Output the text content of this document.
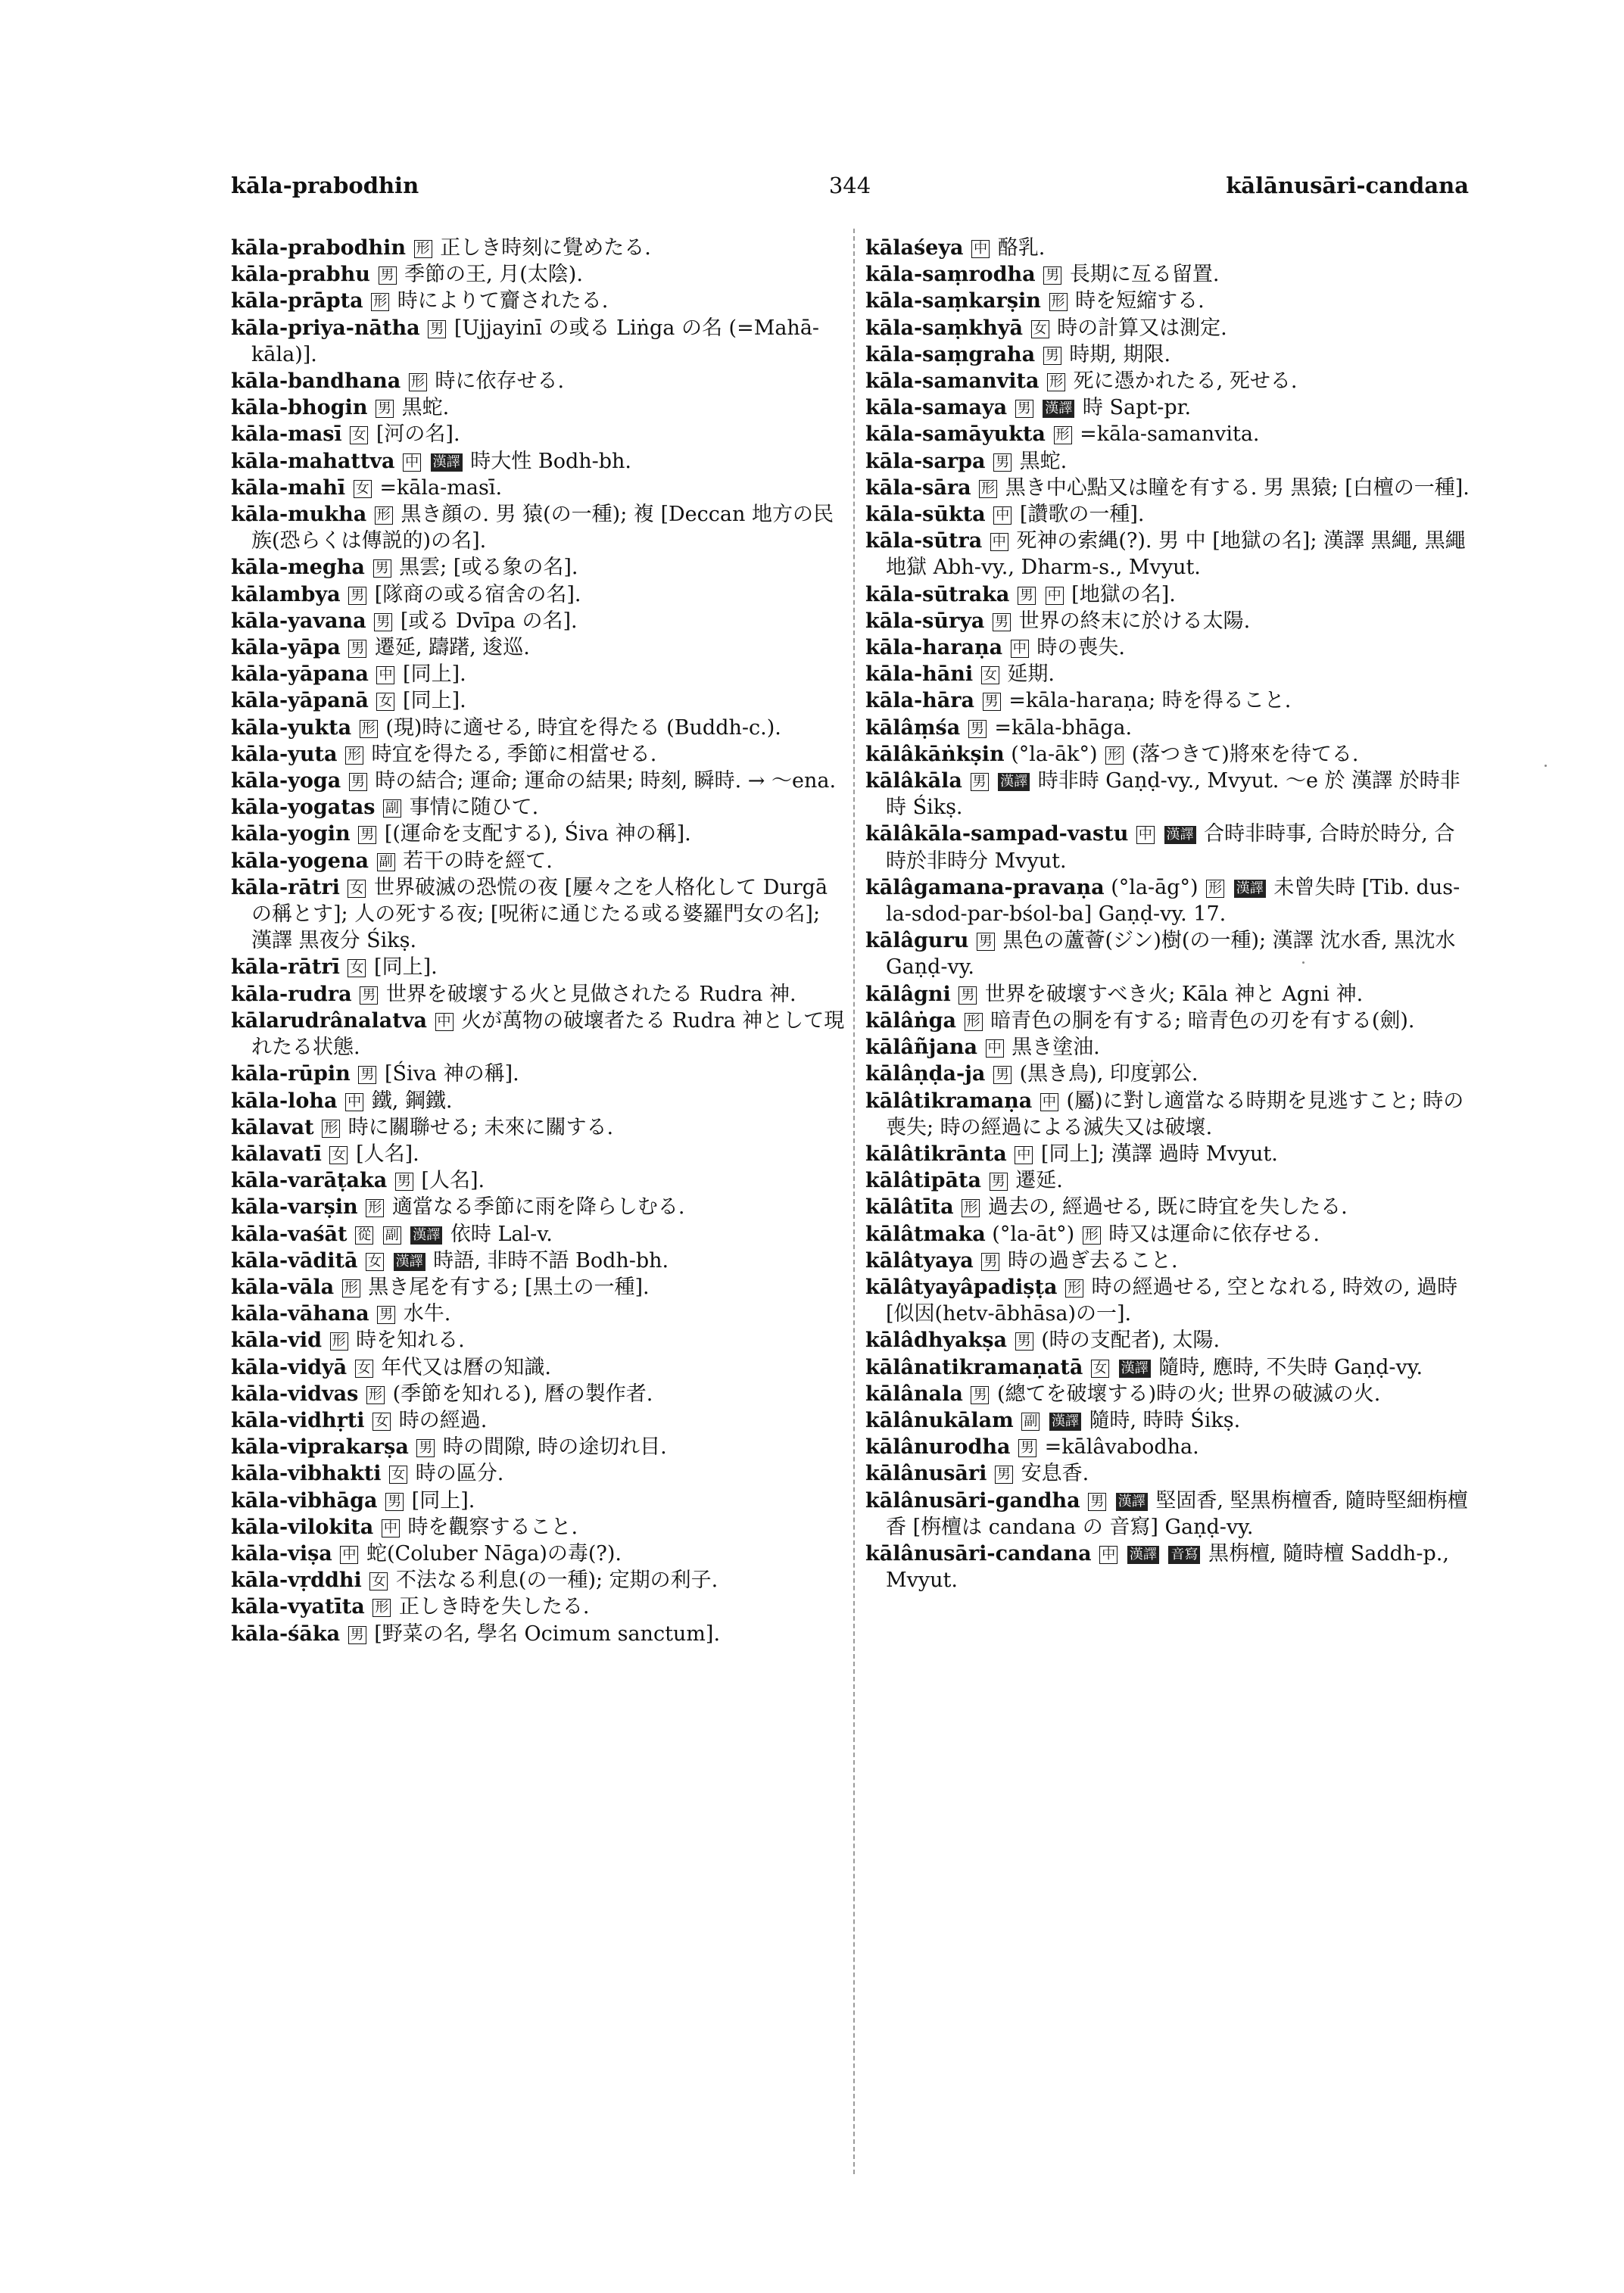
kāla-prabodhin	344	kālānusāri-candana

kāla-prabodhin 形 正しき時刻に覺めたる.

kāla-prabhu 男 季節の王, 月(太陰).

kāla-prāpta 形 時によりて齎されたる.

kāla-priya-nātha 男 [Ujjayinī の或る Liṅga の名 (=Mahā-kāla)].

kāla-bandhana 形 時に依存せる.

kāla-bhogin 男 黒蛇.

kāla-masī 女 [河の名].

kāla-mahattva 中 漢譯 時大性 Bodh-bh.

kāla-mahī 女 =kāla-masī.

kāla-mukha 形 黒き顔の. 男 猿(の一種); 複 [Deccan 地方の民族(恐らくは傳説的)の名].

kāla-megha 男 黒雲; [或る象の名].

kālambya 男 [隊商の或る宿舍の名].

kāla-yavana 男 [或る Dvīpa の名].

kāla-yāpa 男 遷延, 躊躇, 逡巡.

kāla-yāpana 中 [同上].

kāla-yāpanā 女 [同上].

kāla-yukta 形 (現)時に適せる, 時宜を得たる (Buddh-c.).

kāla-yuta 形 時宜を得たる, 季節に相當せる.

kāla-yoga 男 時の結合; 運命; 運命の結果; 時刻, 瞬時. → ～ena.

kāla-yogatas 副 事情に随ひて.

kāla-yogin 男 [(運命を支配する), Śiva 神の稱].

kāla-yogena 副 若干の時を經て.

kāla-rātri 女 世界破滅の恐慌の夜 [屢々之を人格化して Durgā の稱とす]; 人の死する夜; [呪術に通じたる或る婆羅門女の名]; 漢譯 黒夜分 Śikṣ.

kāla-rātrī 女 [同上].

kāla-rudra 男 世界を破壞する火と見做されたる Rudra 神.

kālarudrânalatva 中 火が萬物の破壞者たる Rudra 神として現れたる状態.

kāla-rūpin 男 [Śiva 神の稱].

kāla-loha 中 鐵, 鋼鐵.

kālavat 形 時に關聯せる; 未來に關する.

kālavatī 女 [人名].

kāla-varāṭaka 男 [人名].

kāla-varṣin 形 適當なる季節に雨を降らしむる.

kāla-vaśāt 從 副 漢譯 依時 Lal-v.

kāla-vāditā 女 漢譯 時語, 非時不語 Bodh-bh.

kāla-vāla 形 黒き尾を有する; [黒土の一種].

kāla-vāhana 男 水牛.

kāla-vid 形 時を知れる.

kāla-vidyā 女 年代又は曆の知識.

kāla-vidvas 形 (季節を知れる), 曆の製作者.

kāla-vidhṛti 女 時の經過.

kāla-viprakarṣa 男 時の間隙, 時の途切れ目.

kāla-vibhakti 女 時の區分.

kāla-vibhāga 男 [同上].

kāla-vilokita 中 時を觀察すること.

kāla-viṣa 中 蛇(Coluber Nāga)の毒(?).

kāla-vṛddhi 女 不法なる利息(の一種); 定期の利子.

kāla-vyatīta 形 正しき時を失したる.

kāla-śāka 男 [野菜の名, 學名 Ocimum sanctum].

kālaśeya 中 酪乳.

kāla-saṃrodha 男 長期に亙る留置.

kāla-saṃkarṣin 形 時を短縮する.

kāla-saṃkhyā 女 時の計算又は測定.

kāla-saṃgraha 男 時期, 期限.

kāla-samanvita 形 死に憑かれたる, 死せる.

kāla-samaya 男 漢譯 時 Sapt-pr.

kāla-samāyukta 形 =kāla-samanvita.

kāla-sarpa 男 黒蛇.

kāla-sāra 形 黒き中心點又は瞳を有する. 男 黒猿; [白檀の一種].

kāla-sūkta 中 [讚歌の一種].

kāla-sūtra 中 死神の索縄(?). 男 中 [地獄の名]; 漢譯 黒繩, 黒繩地獄 Abh-vy., Dharm-s., Mvyut.

kāla-sūtraka 男 中 [地獄の名].

kāla-sūrya 男 世界の終末に於ける太陽.

kāla-haraṇa 中 時の喪失.

kāla-hāni 女 延期.

kāla-hāra 男 =kāla-haraṇa; 時を得ること.

kālâṃśa 男 =kāla-bhāga.

kālâkāṅkṣin (°la-āk°) 形 (落つきて)將來を待てる.

kālâkāla 男 漢譯 時非時 Gaṇḍ-vy., Mvyut. ～e 於 漢譯 於時非時 Śikṣ.

kālâkāla-sampad-vastu 中 漢譯 合時非時事, 合時於時分, 合時於非時分 Mvyut.

kālâgamana-pravaṇa (°la-āg°) 形 漢譯 未曾失時 [Tib. dus-la-sdod-par-bśol-ba] Gaṇḍ-vy. 17.

kālâguru 男 黒色の蘆薈(ジン)樹(の一種); 漢譯 沈水香, 黒沈水 Gaṇḍ-vy.

kālâgni 男 世界を破壞すべき火; Kāla 神と Agni 神.

kālâṅga 形 暗青色の胴を有する; 暗青色の刃を有する(劍).

kālâñjana 中 黒き塗油.

kālâṇḍa-ja 男 (黒き鳥), 印度郭公.

kālâtikramaṇa 中 (屬)に對し適當なる時期を見逃すこと; 時の喪失; 時の經過による滅失又は破壞.

kālâtikrānta 中 [同上]; 漢譯 過時 Mvyut.

kālâtipāta 男 遷延.

kālâtīta 形 過去の, 經過せる, 既に時宜を失したる.

kālâtmaka (°la-āt°) 形 時又は運命に依存せる.

kālâtyaya 男 時の過ぎ去ること.

kālâtyayâpadiṣṭa 形 時の經過せる, 空となれる, 時效の, 過時[似因(hetv-ābhāsa)の一].

kālâdhyakṣa 男 (時の支配者), 太陽.

kālânatikramaṇatā 女 漢譯 隨時, 應時, 不失時 Gaṇḍ-vy.

kālânala 男 (總てを破壞する)時の火; 世界の破滅の火.

kālânukālam 副 漢譯 隨時, 時時 Śikṣ.

kālânurodha 男 =kālâvabodha.

kālânusāri 男 安息香.

kālânusāri-gandha 男 漢譯 堅固香, 堅黒栴檀香, 隨時堅細栴檀香 [栴檀は candana の 音寫] Gaṇḍ-vy.

kālânusāri-candana 中 漢譯 音寫 黒栴檀, 隨時檀 Saddh-p., Mvyut.
